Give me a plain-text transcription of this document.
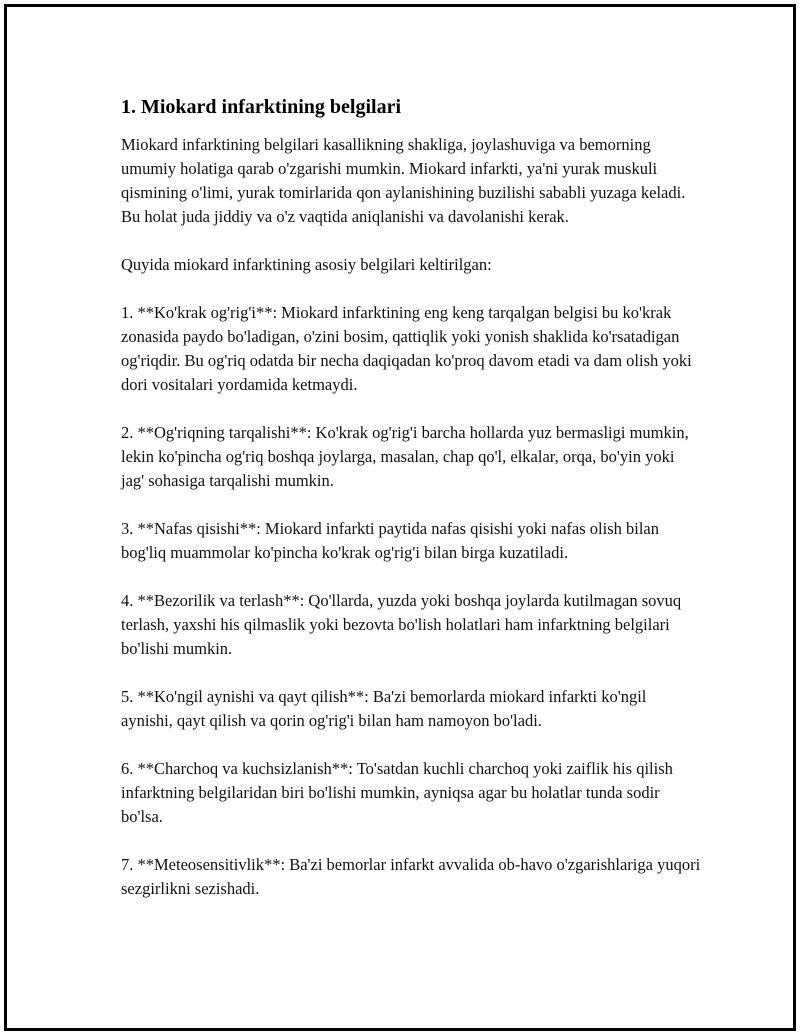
1. Miokard infarktining belgilari

Miokard infarktining belgilari kasallikning shakliga, joylashuviga va bemorning umumiy holatiga qarab o'zgarishi mumkin. Miokard infarkti, ya'ni yurak muskuli qismining o'limi, yurak tomirlarida qon aylanishining buzilishi sababli yuzaga keladi. Bu holat juda jiddiy va o'z vaqtida aniqlanishi va davolanishi kerak.

Quyida miokard infarktining asosiy belgilari keltirilgan:

1. **Ko'krak og'rig'i**: Miokard infarktining eng keng tarqalgan belgisi bu ko'krak zonasida paydo bo'ladigan, o'zini bosim, qattiqlik yoki yonish shaklida ko'rsatadigan og'riqdir. Bu og'riq odatda bir necha daqiqadan ko'proq davom etadi va dam olish yoki dori vositalari yordamida ketmaydi.

2. **Og'riqning tarqalishi**: Ko'krak og'rig'i barcha hollarda yuz bermasligi mumkin, lekin ko'pincha og'riq boshqa joylarga, masalan, chap qo'l, elkalar, orqa, bo'yin yoki jag' sohasiga tarqalishi mumkin.

3. **Nafas qisishi**: Miokard infarkti paytida nafas qisishi yoki nafas olish bilan bog'liq muammolar ko'pincha ko'krak og'rig'i bilan birga kuzatiladi.

4. **Bezorilik va terlash**: Qo'llarda, yuzda yoki boshqa joylarda kutilmagan sovuq terlash, yaxshi his qilmaslik yoki bezovta bo'lish holatlari ham infarktning belgilari bo'lishi mumkin.

5. **Ko'ngil aynishi va qayt qilish**: Ba'zi bemorlarda miokard infarkti ko'ngil aynishi, qayt qilish va qorin og'rig'i bilan ham namoyon bo'ladi.

6. **Charchoq va kuchsizlanish**: To'satdan kuchli charchoq yoki zaiflik his qilish infarktning belgilaridan biri bo'lishi mumkin, ayniqsa agar bu holatlar tunda sodir bo'lsa.

7. **Meteosensitivlik**: Ba'zi bemorlar infarkt avvalida ob-havo o'zgarishlariga yuqori sezgirlikni sezishadi.
